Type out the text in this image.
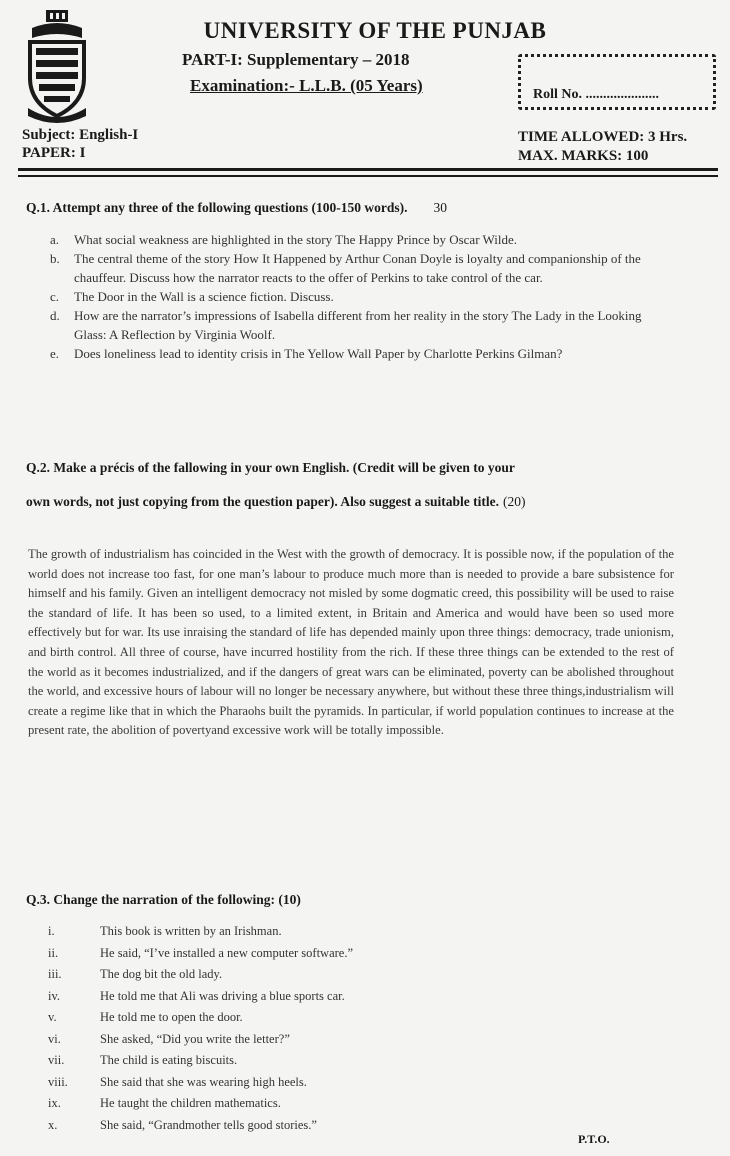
UNIVERSITY OF THE PUNJAB
PART-I: Supplementary – 2018
Examination:- L.L.B. (05 Years)	Roll No. .....................
Subject: English-I
PAPER: I
TIME ALLOWED: 3 Hrs.
MAX. MARKS: 100
Q.1. Attempt any three of the following questions (100-150 words). 30
a.	What social weakness are highlighted in the story The Happy Prince by Oscar Wilde.
b.	The central theme of the story How It Happened by Arthur Conan Doyle is loyalty and companionship of the chauffeur. Discuss how the narrator reacts to the offer of Perkins to take control of the car.
c.	The Door in the Wall is a science fiction. Discuss.
d.	How are the narrator’s impressions of Isabella different from her reality in the story The Lady in the Looking Glass: A Reflection by Virginia Woolf.
e.	Does loneliness lead to identity crisis in The Yellow Wall Paper by Charlotte Perkins Gilman?
Q.2. Make a précis of the fallowing in your own English. (Credit will be given to your
own words, not just copying from the question paper). Also suggest a suitable title. (20)
The growth of industrialism has coincided in the West with the growth of democracy. It is possible now, if the population of the world does not increase too fast, for one man’s labour to produce much more than is needed to provide a bare subsistence for himself and his family. Given an intelligent democracy not misled by some dogmatic creed, this possibility will be used to raise the standard of life. It has been so used, to a limited extent, in Britain and America and would have been so used more effectively but for war. Its use inraising the standard of life has depended mainly upon three things: democracy, trade unionism, and birth control. All three of course, have incurred hostility from the rich. If these three things can be extended to the rest of the world as it becomes industrialized, and if the dangers of great wars can be eliminated, poverty can be abolished throughout the world, and excessive hours of labour will no longer be necessary anywhere, but without these three things,industrialism will create a regime like that in which the Pharaohs built the pyramids. In particular, if world population continues to increase at the present rate, the abolition of povertyand excessive work will be totally impossible.
Q.3. Change the narration of the following: (10)
i.	This book is written by an Irishman.
ii.	He said, “I’ve installed a new computer software.”
iii.	The dog bit the old lady.
iv.	He told me that Ali was driving a blue sports car.
v.	He told me to open the door.
vi.	She asked, “Did you write the letter?”
vii.	The child is eating biscuits.
viii.	She said that she was wearing high heels.
ix.	He taught the children mathematics.
x.	She said, “Grandmother tells good stories.”
P.T.O.
